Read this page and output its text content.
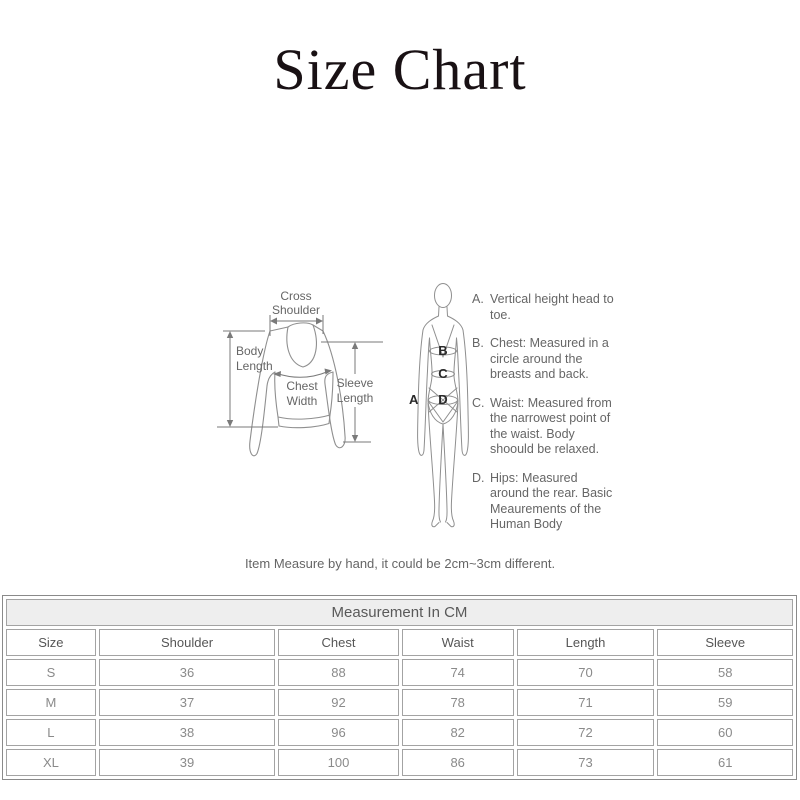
Size Chart
Cross
Shoulder
Body
Length
Chest
Width
Sleeve
Length	A
B
C
D
A. Vertical height head to toe.
B. Chest: Measured in a circle around the breasts and back.
C. Waist: Measured from the narrowest point of the waist. Body shoould be relaxed.
D. Hips: Measured around the rear. Basic Meaurements of the Human Body
Item Measure by hand, it could be 2cm~3cm different.
Measurement In CM					
Size	Shoulder	Chest	Waist	Length	Sleeve
S	36	88	74	70	58
M	37	92	78	71	59
L	38	96	82	72	60
XL	39	100	86	73	61
